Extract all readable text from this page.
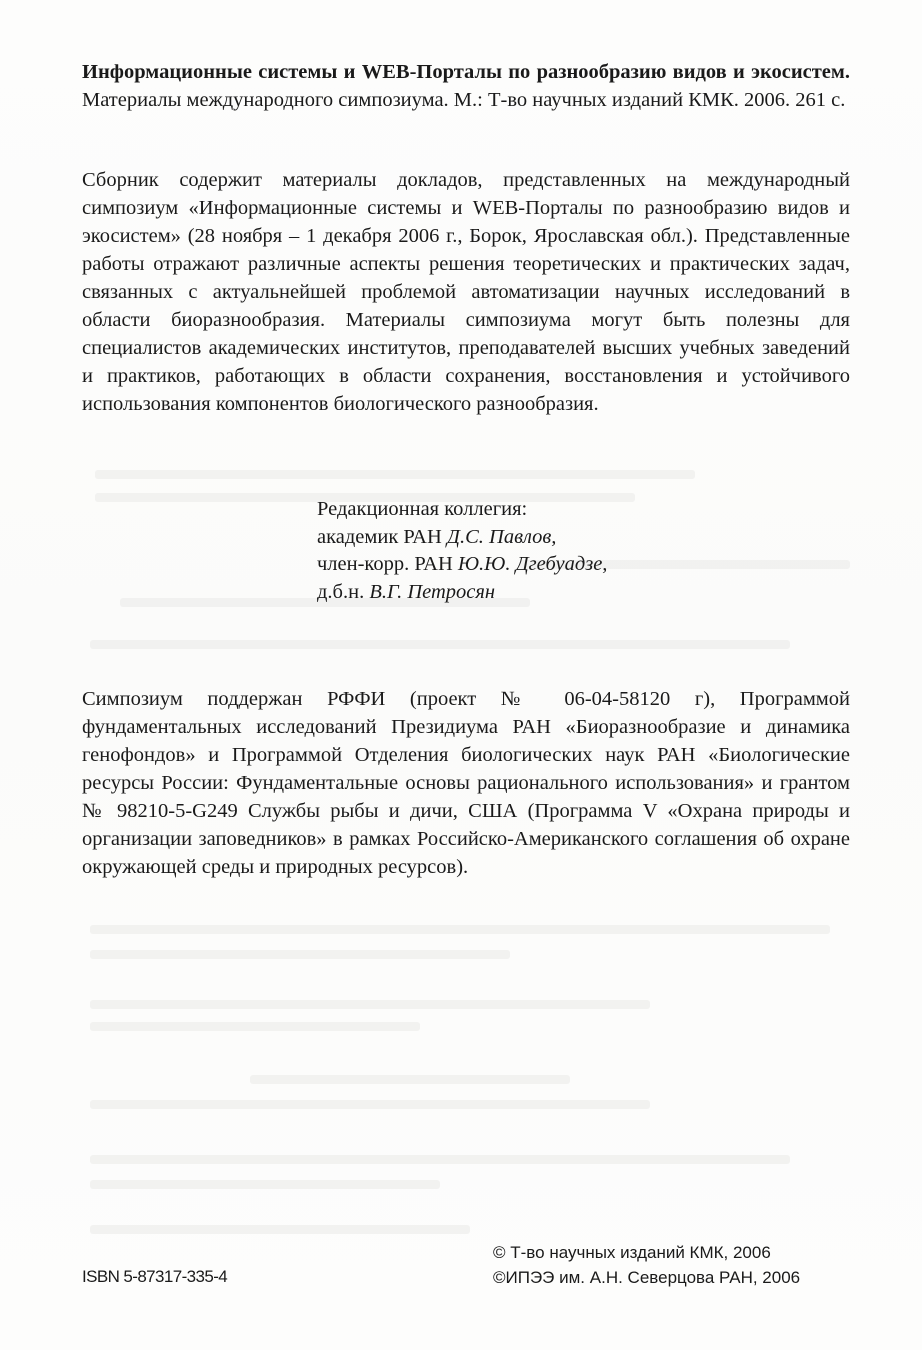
Информационные системы и WEB-Порталы по разнообразию видов и экосистем. Материалы международного симпозиума. М.: Т-во научных изданий КМК. 2006. 261 с.

Сборник содержит материалы докладов, представленных на международный симпозиум «Информационные системы и WEB-Порталы по разнообразию видов и экосистем» (28 ноября – 1 декабря 2006 г., Борок, Ярославская обл.). Представленные работы отражают различные аспекты решения теоретических и практических задач, связанных с актуальнейшей проблемой автоматизации научных исследований в области биоразнообразия. Материалы симпозиума могут быть полезны для специалистов академических институтов, преподавателей высших учебных заведений и практиков, работающих в области сохранения, восстановления и устойчивого использования компонентов биологического разнообразия.

Редакционная коллегия:
академик РАН Д.С. Павлов,
член-корр. РАН Ю.Ю. Дгебуадзе,
д.б.н. В.Г. Петросян

Симпозиум поддержан РФФИ (проект № 06-04-58120 г), Программой фундаментальных исследований Президиума РАН «Биоразнообразие и динамика генофондов» и Программой Отделения биологических наук РАН «Биологические ресурсы России: Фундаментальные основы рационального использования» и грантом № 98210-5-G249 Службы рыбы и дичи, США (Программа V «Охрана природы и организации заповедников» в рамках Российско-Американского соглашения об охране окружающей среды и природных ресурсов).

ISBN 5-87317-335-4
© Т-во научных изданий КМК, 2006
©ИПЭЭ им. А.Н. Северцова РАН, 2006
